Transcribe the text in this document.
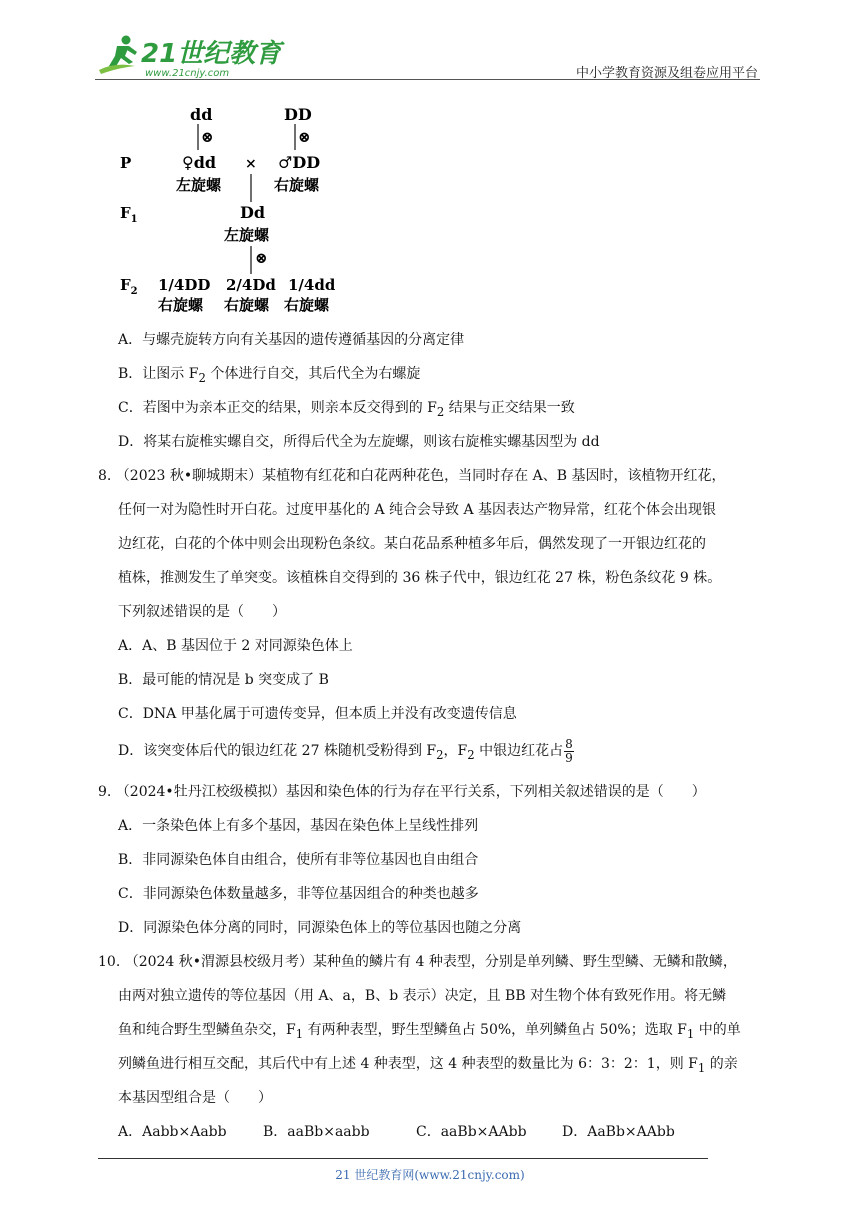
21世纪教育
www.21cnjy.com	中小学教育资源及组卷应用平台
dd	DD
⊗	⊗
P	♀dd × ♂DD
左旋螺	右旋螺
$F_1$	Dd
左旋螺
⊗
$F_2$ 1/4DD 2/4Dd 1/4dd
右旋螺 右旋螺 右旋螺
A．与螺壳旋转方向有关基因的遗传遵循基因的分离定律
B．让图示 $F_2$ 个体进行自交，其后代全为右螺旋
C．若图中为亲本正交的结果，则亲本反交得到的 $F_2$ 结果与正交结果一致
D．将某右旋椎实螺自交，所得后代全为左旋螺，则该右旋椎实螺基因型为 dd
8. （2023 秋•聊城期末）某植物有红花和白花两种花色，当同时存在 A、B 基因时，该植物开红花，
任何一对为隐性时开白花。过度甲基化的 A 纯合会导致 A 基因表达产物异常，红花个体会出现银
边红花，白花的个体中则会出现粉色条纹。某白花品系种植多年后，偶然发现了一开银边红花的
植株，推测发生了单突变。该植株自交得到的 36 株子代中，银边红花 27 株，粉色条纹花 9 株。
下列叙述错误的是（　　）
A．A、B 基因位于 2 对同源染色体上
B．最可能的情况是 b 突变成了 B
C．DNA 甲基化属于可遗传变异，但本质上并没有改变遗传信息
D．该突变体后代的银边红花 27 株随机受粉得到 $F_2$，$F_2$ 中银边红花占 $\frac{8}{9}$
9. （2024•牡丹江校级模拟）基因和染色体的行为存在平行关系，下列相关叙述错误的是（　　）
A．一条染色体上有多个基因，基因在染色体上呈线性排列
B．非同源染色体自由组合，使所有非等位基因也自由组合
C．非同源染色体数量越多，非等位基因组合的种类也越多
D．同源染色体分离的同时，同源染色体上的等位基因也随之分离
10. （2024 秋•渭源县校级月考）某种鱼的鳞片有 4 种表型，分别是单列鳞、野生型鳞、无鳞和散鳞，
由两对独立遗传的等位基因（用 A、a，B、b 表示）决定，且 BB 对生物个体有致死作用。将无鳞
鱼和纯合野生型鳞鱼杂交，$F_1$ 有两种表型，野生型鳞鱼占 50%，单列鳞鱼占 50%；选取 $F_1$ 中的单
列鳞鱼进行相互交配，其后代中有上述 4 种表型，这 4 种表型的数量比为 6：3：2：1，则 $F_1$ 的亲
本基因型组合是（　　）
A．Aabb×Aabb	B．aaBb×aabb	C．aaBb×AAbb	D．AaBb×AAbb
21 世纪教育网(www.21cnjy.com)
